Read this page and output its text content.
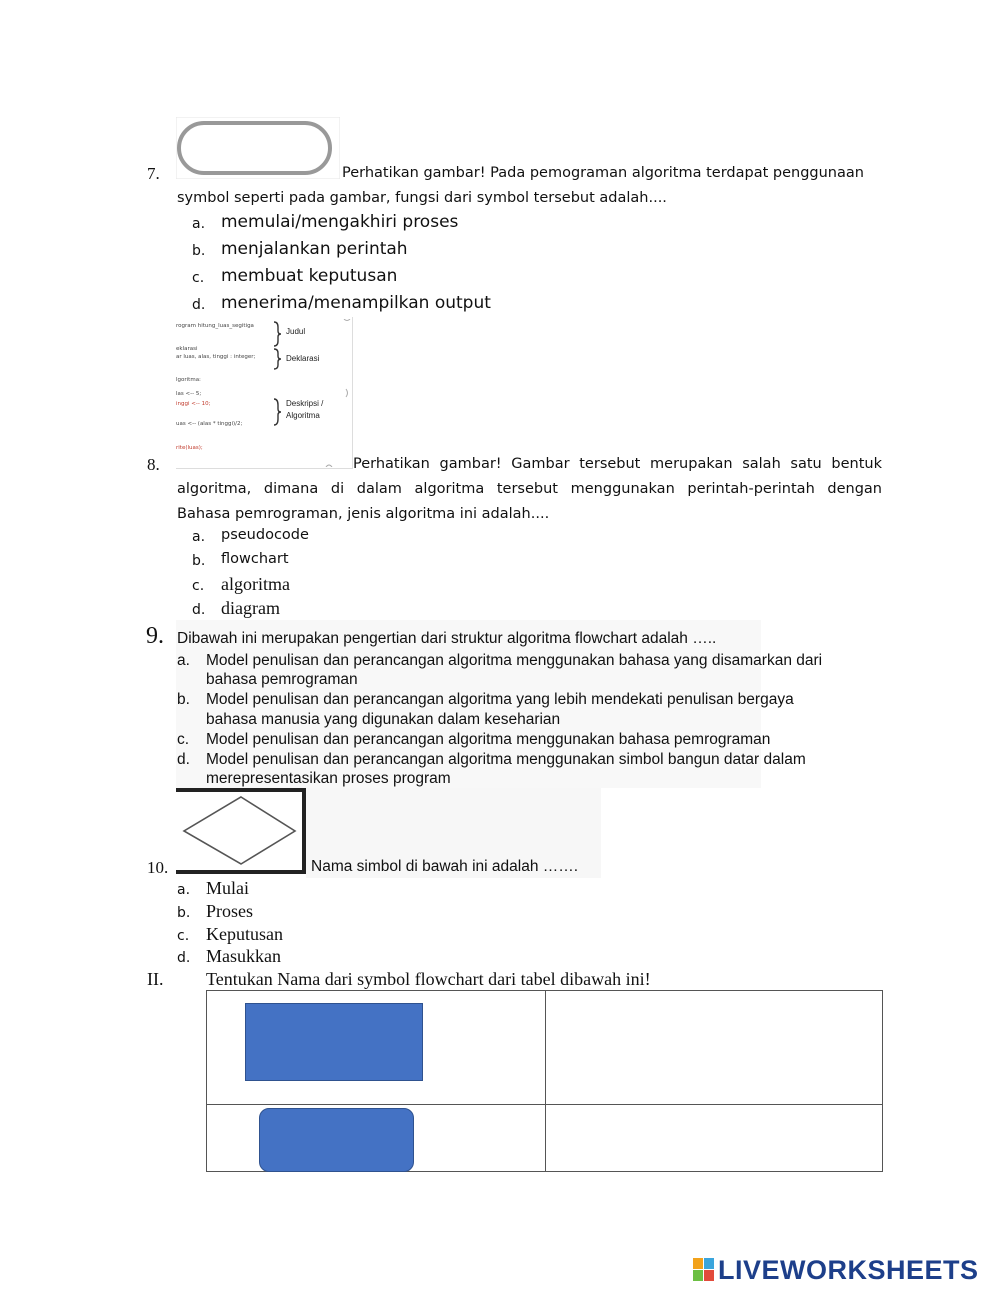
7.	Perhatikan gambar! Pada pemograman algoritma terdapat penggunaan
symbol seperti pada gambar, fungsi dari symbol tersebut adalah....
a. memulai/mengakhiri proses
b. menjalankan perintah
c. membuat keputusan
d. menerima/menampilkan output
rogram hitung_luas_segitiga
eklarasi
ar luas, alas, tinggi : integer;
lgoritma:
las <-- 5;
inggi <-- 10;
uas <-- (alas * tinggi)/2;
rite(luas);
Judul
Deklarasi
Deskripsi /
Algoritma
8.	Perhatikan gambar! Gambar tersebut merupakan salah satu bentuk
algoritma, dimana di dalam algoritma tersebut menggunakan perintah-perintah dengan
Bahasa pemrograman, jenis algoritma ini adalah....
a. pseudocode
b. flowchart
c. algoritma
d. diagram
9. Dibawah ini merupakan pengertian dari struktur algoritma flowchart adalah …..
a. Model penulisan dan perancangan algoritma menggunakan bahasa yang disamarkan dari
bahasa pemrograman
b. Model penulisan dan perancangan algoritma yang lebih mendekati penulisan bergaya
bahasa manusia yang digunakan dalam keseharian
c. Model penulisan dan perancangan algoritma menggunakan bahasa pemrograman
d. Model penulisan dan perancangan algoritma menggunakan simbol bangun datar dalam
merepresentasikan proses program
10.	Nama simbol di bawah ini adalah …….
a. Mulai
b. Proses
c. Keputusan
d. Masukkan
II. Tentukan Nama dari symbol flowchart dari tabel dibawah ini!

LIVEWORKSHEETS
